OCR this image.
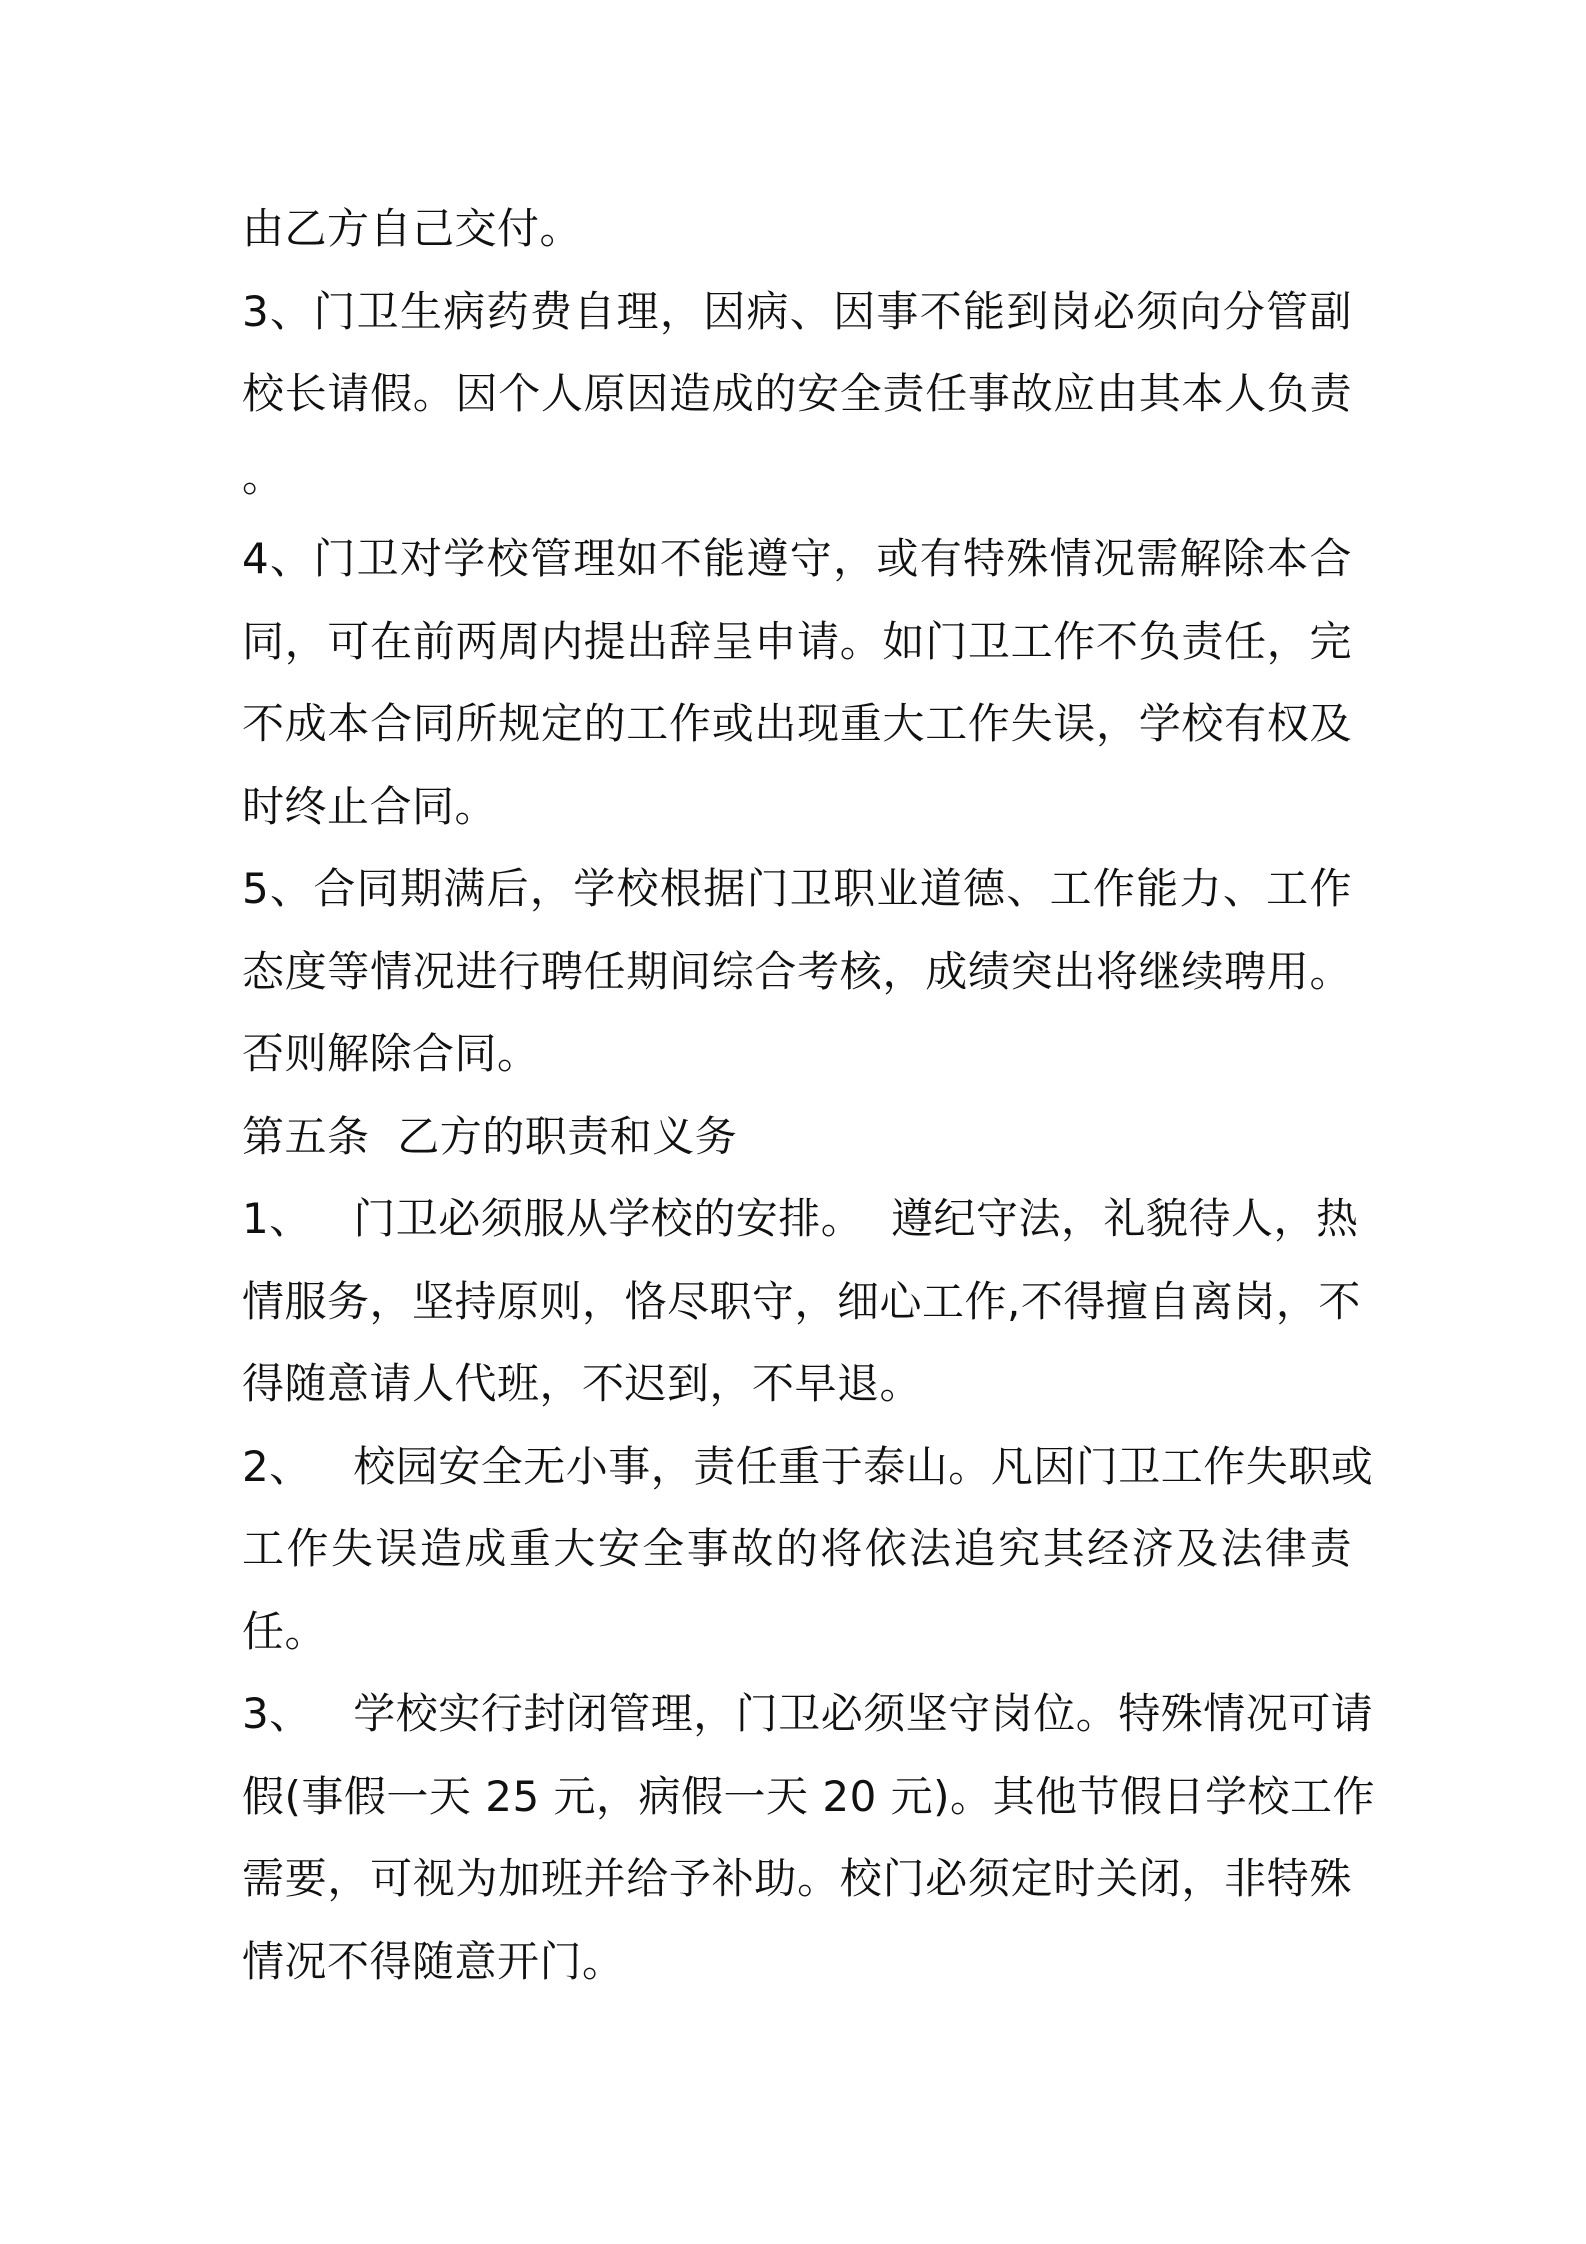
由乙方自己交付。
3、门卫生病药费自理，因病、因事不能到岗必须向分管副
校长请假。因个人原因造成的安全责任事故应由其本人负责
。
4、门卫对学校管理如不能遵守，或有特殊情况需解除本合
同，可在前两周内提出辞呈申请。如门卫工作不负责任，完
不成本合同所规定的工作或出现重大工作失误，学校有权及
时终止合同。
5、合同期满后，学校根据门卫职业道德、工作能力、工作
态度等情况进行聘任期间综合考核，成绩突出将继续聘用。
否则解除合同。
第五条  乙方的职责和义务
1、   门卫必须服从学校的安排。  遵纪守法，礼貌待人，热
情服务，坚持原则，恪尽职守，细心工作,不得擅自离岗，不
得随意请人代班，不迟到，不早退。
2、   校园安全无小事，责任重于泰山。凡因门卫工作失职或
工作失误造成重大安全事故的将依法追究其经济及法律责
任。
3、   学校实行封闭管理，门卫必须坚守岗位。特殊情况可请
假(事假一天 25 元，病假一天 20 元)。其他节假日学校工作
需要，可视为加班并给予补助。校门必须定时关闭，非特殊
情况不得随意开门。
